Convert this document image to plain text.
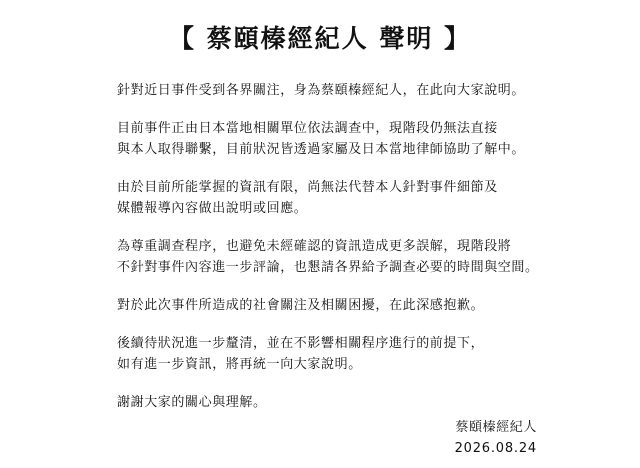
【 蔡頤榛經紀人 聲明 】

針對近日事件受到各界關注，身為蔡頤榛經紀人，在此向大家說明。

目前事件正由日本當地相關單位依法調查中，現階段仍無法直接
與本人取得聯繫，目前狀況皆透過家屬及日本當地律師協助了解中。

由於目前所能掌握的資訊有限，尚無法代替本人針對事件細節及
媒體報導內容做出說明或回應。

為尊重調查程序，也避免未經確認的資訊造成更多誤解，現階段將
不針對事件內容進一步評論，也懇請各界給予調查必要的時間與空間。

對於此次事件所造成的社會關注及相關困擾，在此深感抱歉。

後續待狀況進一步釐清，並在不影響相關程序進行的前提下，
如有進一步資訊，將再統一向大家說明。

謝謝大家的關心與理解。

蔡頤榛經紀人
2026.08.24
